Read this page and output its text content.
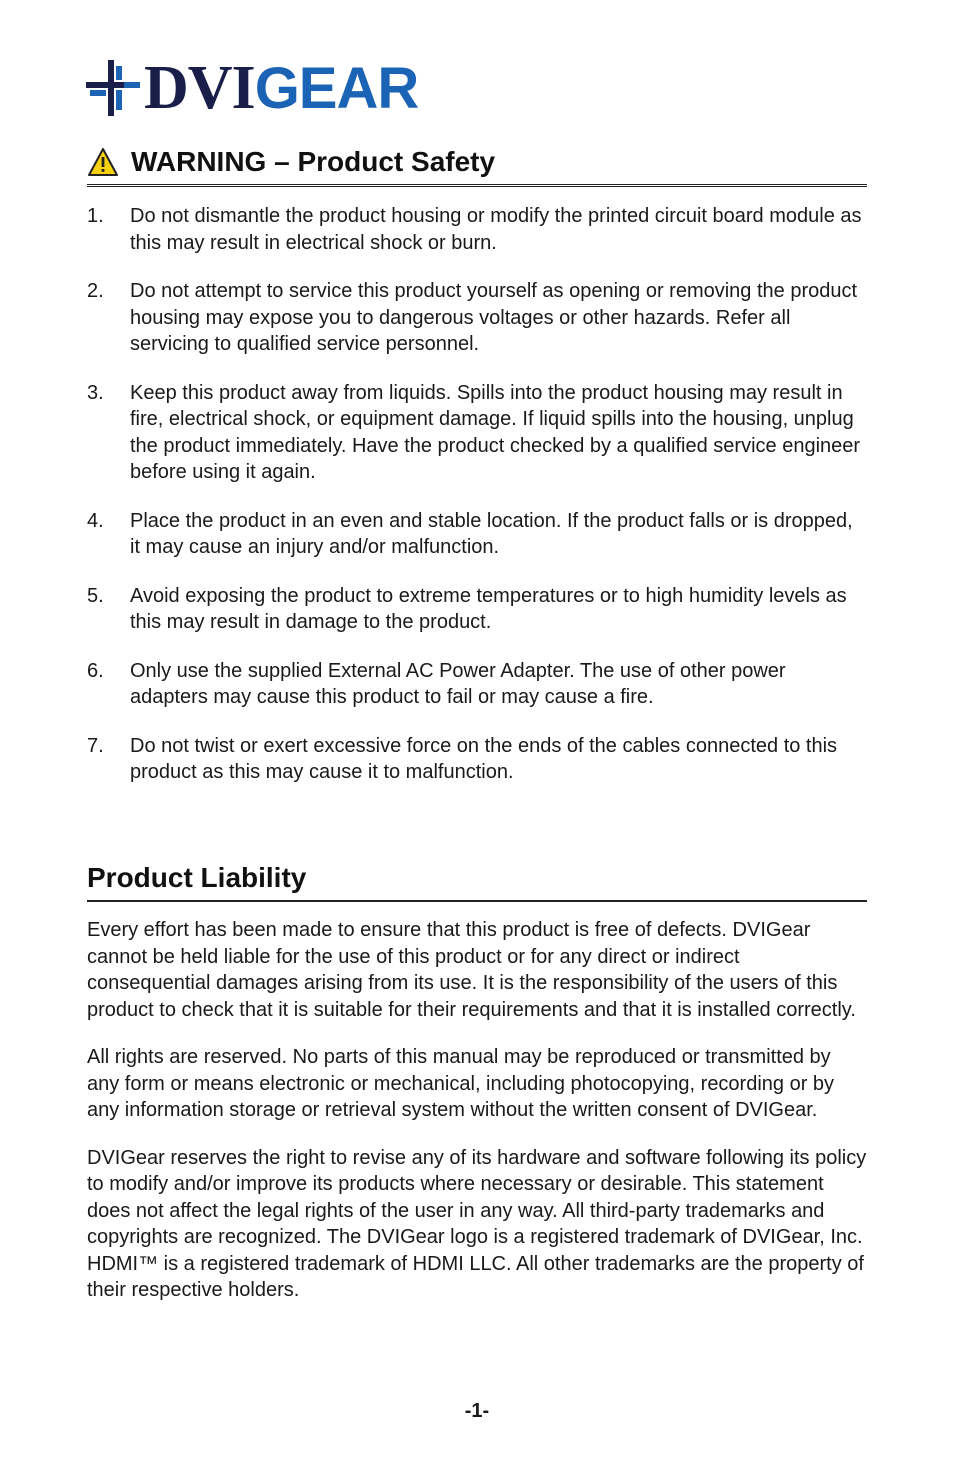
DVI GEAR
WARNING – Product Safety
1.	Do not dismantle the product housing or modify the printed circuit board module as this may result in electrical shock or burn.
2.	Do not attempt to service this product yourself as opening or removing the product housing may expose you to dangerous voltages or other hazards. Refer all servicing to qualified service personnel.
3.	Keep this product away from liquids. Spills into the product housing may result in fire, electrical shock, or equipment damage. If liquid spills into the housing, unplug the product immediately. Have the product checked by a qualified service engineer before using it again.
4.	Place the product in an even and stable location. If the product falls or is dropped, it may cause an injury and/or malfunction.
5.	Avoid exposing the product to extreme temperatures or to high humidity levels as this may result in damage to the product.
6.	Only use the supplied External AC Power Adapter. The use of other power adapters may cause this product to fail or may cause a fire.
7.	Do not twist or exert excessive force on the ends of the cables connected to this product as this may cause it to malfunction.
Product Liability

Every effort has been made to ensure that this product is free of defects. DVIGear cannot be held liable for the use of this product or for any direct or indirect consequential damages arising from its use. It is the responsibility of the users of this product to check that it is suitable for their requirements and that it is installed correctly.

All rights are reserved. No parts of this manual may be reproduced or transmitted by any form or means electronic or mechanical, including photocopying, recording or by any information storage or retrieval system without the written consent of DVIGear.

DVIGear reserves the right to revise any of its hardware and software following its policy to modify and/or improve its products where necessary or desirable. This statement does not affect the legal rights of the user in any way. All third-party trademarks and copyrights are recognized. The DVIGear logo is a registered trademark of DVIGear, Inc. HDMI™ is a registered trademark of HDMI LLC. All other trademarks are the property of their respective holders.

-1-
